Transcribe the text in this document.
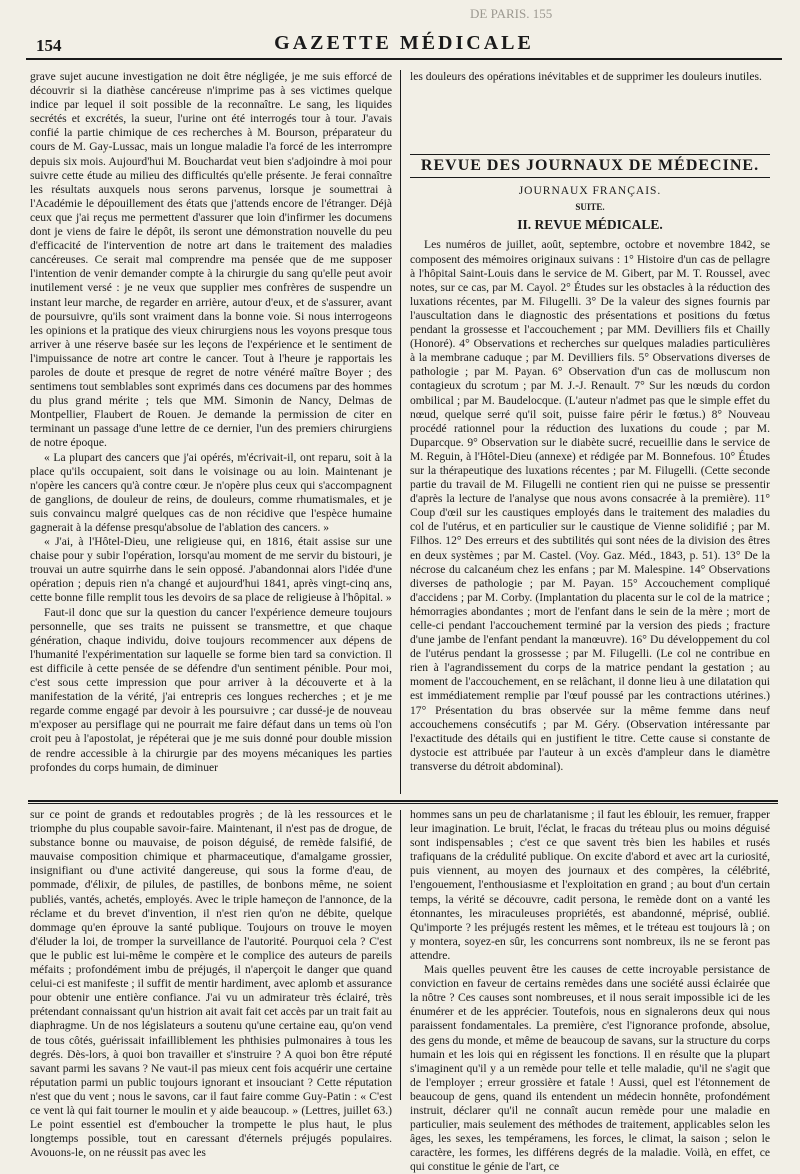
DE PARIS. 155
154	GAZETTE MÉDICALE

grave sujet aucune investigation ne doit être négligée, je me suis efforcé de découvrir si la diathèse cancéreuse n'imprime pas à ses victimes quelque indice par lequel il soit possible de la reconnaître. Le sang, les liquides secrétés et excrétés, la sueur, l'urine ont été interrogés tour à tour. J'avais confié la partie chimique de ces recherches à M. Bourson, préparateur du cours de M. Gay-Lussac, mais un longue maladie l'a forcé de les interrompre depuis six mois. Aujourd'hui M. Bouchardat veut bien s'adjoindre à moi pour suivre cette étude au milieu des difficultés qu'elle présente. Je ferai connaître les résultats auxquels nous serons parvenus, lorsque je soumettrai à l'Académie le dépouillement des états que j'attends encore de l'étranger. Déjà ceux que j'ai reçus me permettent d'assurer que loin d'infirmer les documens dont je viens de faire le dépôt, ils seront une démonstration nouvelle du peu d'efficacité de l'intervention de notre art dans le traitement des maladies cancéreuses. Ce serait mal comprendre ma pensée que de me supposer l'intention de venir demander compte à la chirurgie du sang qu'elle peut avoir inutilement versé : je ne veux que supplier mes confrères de suspendre un instant leur marche, de regarder en arrière, autour d'eux, et de s'assurer, avant de poursuivre, qu'ils sont vraiment dans la bonne voie. Si nous interrogeons les opinions et la pratique des vieux chirurgiens nous les voyons presque tous arriver à une réserve basée sur les leçons de l'expérience et le sentiment de l'impuissance de notre art contre le cancer. Tout à l'heure je rapportais les paroles de doute et presque de regret de notre vénéré maître Boyer ; des sentimens tout semblables sont exprimés dans ces documens par des hommes du plus grand mérite ; tels que MM. Simonin de Nancy, Delmas de Montpellier, Flaubert de Rouen. Je demande la permission de citer en terminant un passage d'une lettre de ce dernier, l'un des premiers chirurgiens de notre époque.

« La plupart des cancers que j'ai opérés, m'écrivait-il, ont reparu, soit à la place qu'ils occupaient, soit dans le voisinage ou au loin. Maintenant je n'opère les cancers qu'à contre cœur. Je n'opère plus ceux qui s'accompagnent de ganglions, de douleur de reins, de douleurs, comme rhumatismales, et je suis convaincu malgré quelques cas de non récidive que l'espèce humaine gagnerait à la défense presqu'absolue de l'ablation des cancers. »

« J'ai, à l'Hôtel-Dieu, une religieuse qui, en 1816, était assise sur une chaise pour y subir l'opération, lorsqu'au moment de me servir du bistouri, je trouvai un autre squirrhe dans le sein opposé. J'abandonnai alors l'idée d'une opération ; depuis rien n'a changé et aujourd'hui 1841, après vingt-cinq ans, cette bonne fille remplit tous les devoirs de sa place de religieuse à l'hôpital. »

Faut-il donc que sur la question du cancer l'expérience demeure toujours personnelle, que ses traits ne puissent se transmettre, et que chaque génération, chaque individu, doive toujours recommencer aux dépens de l'humanité l'expérimentation sur laquelle se forme bien tard sa conviction. Il est difficile à cette pensée de se défendre d'un sentiment pénible. Pour moi, c'est sous cette impression que pour arriver à la découverte et à la manifestation de la vérité, j'ai entrepris ces longues recherches ; et je me regarde comme engagé par devoir à les poursuivre ; car dussé-je de nouveau m'exposer au persiflage qui ne pourrait me faire défaut dans un tems où l'on croit peu à l'apostolat, je répéterai que je me suis donné pour double mission de rendre accessible à la chirurgie par des moyens mécaniques les parties profondes du corps humain, de diminuer

les douleurs des opérations inévitables et de supprimer les douleurs inutiles.

REVUE DES JOURNAUX DE MÉDECINE.
JOURNAUX FRANÇAIS.
SUITE.
II. REVUE MÉDICALE.

Les numéros de juillet, août, septembre, octobre et novembre 1842, se composent des mémoires originaux suivans : 1° Histoire d'un cas de pellagre à l'hôpital Saint-Louis dans le service de M. Gibert, par M. T. Roussel, avec notes, sur ce cas, par M. Cayol. 2° Études sur les obstacles à la réduction des luxations récentes, par M. Filugelli. 3° De la valeur des signes fournis par l'auscultation dans le diagnostic des présentations et positions du fœtus pendant la grossesse et l'accouchement ; par MM. Devilliers fils et Chailly (Honoré). 4° Observations et recherches sur quelques maladies particulières à la membrane caduque ; par M. Devilliers fils. 5° Observations diverses de pathologie ; par M. Payan. 6° Observation d'un cas de molluscum non contagieux du scrotum ; par M. J.-J. Renault. 7° Sur les nœuds du cordon ombilical ; par M. Baudelocque. (L'auteur n'admet pas que le simple effet du nœud, quelque serré qu'il soit, puisse faire périr le fœtus.) 8° Nouveau procédé rationnel pour la réduction des luxations du coude ; par M. Duparcque. 9° Observation sur le diabète sucré, recueillie dans le service de M. Reguin, à l'Hôtel-Dieu (annexe) et rédigée par M. Bonnefous. 10° Études sur la thérapeutique des luxations récentes ; par M. Filugelli. (Cette seconde partie du travail de M. Filugelli ne contient rien qui ne puisse se pressentir d'après la lecture de l'analyse que nous avons consacrée à la première). 11° Coup d'œil sur les caustiques employés dans le traitement des maladies du col de l'utérus, et en particulier sur le caustique de Vienne solidifié ; par M. Filhos. 12° Des erreurs et des subtilités qui sont nées de la division des êtres en deux systèmes ; par M. Castel. (Voy. Gaz. Méd., 1843, p. 51). 13° De la nécrose du calcanéum chez les enfans ; par M. Malespine. 14° Observations diverses de pathologie ; par M. Payan. 15° Accouchement compliqué d'accidens ; par M. Corby. (Implantation du placenta sur le col de la matrice ; hémorragies abondantes ; mort de l'enfant dans le sein de la mère ; mort de celle-ci pendant l'accouchement terminé par la version des pieds ; fracture d'une jambe de l'enfant pendant la manœuvre). 16° Du développement du col de l'utérus pendant la grossesse ; par M. Filugelli. (Le col ne contribue en rien à l'agrandissement du corps de la matrice pendant la gestation ; au moment de l'accouchement, en se relâchant, il donne lieu à une dilatation qui est immédiatement remplie par l'œuf poussé par les contractions utérines.) 17° Présentation du bras observée sur la même femme dans neuf accouchemens consécutifs ; par M. Géry. (Observation intéressante par l'exactitude des détails qui en justifient le titre. Cette cause si constante de dystocie est attribuée par l'auteur à un excès d'ampleur dans le diamètre transverse du détroit abdominal).

sur ce point de grands et redoutables progrès ; de là les ressources et le triomphe du plus coupable savoir-faire. Maintenant, il n'est pas de drogue, de substance bonne ou mauvaise, de poison déguisé, de remède falsifié, de mauvaise composition chimique et pharmaceutique, d'amalgame grossier, insignifiant ou d'une activité dangereuse, qui sous la forme d'eau, de pommade, d'élixir, de pilules, de pastilles, de bonbons même, ne soient publiés, vantés, achetés, employés. Avec le triple hameçon de l'annonce, de la réclame et du brevet d'invention, il n'est rien qu'on ne débite, quelque dommage qu'en éprouve la santé publique. Toujours on trouve le moyen d'éluder la loi, de tromper la surveillance de l'autorité. Pourquoi cela ? C'est que le public est lui-même le compère et le complice des auteurs de pareils méfaits ; profondément imbu de préjugés, il n'aperçoit le danger que quand celui-ci est manifeste ; il suffit de mentir hardiment, avec aplomb et assurance pour obtenir une entière confiance. J'ai vu un admirateur très éclairé, très prétendant connaissant qu'un histrion ait avait fait cet accès par un trait fait au diaphragme. Un de nos législateurs a soutenu qu'une certaine eau, qu'on vend de tous côtés, guérissait infailliblement les phthisies pulmonaires à tous les degrés. Dès-lors, à quoi bon travailler et s'instruire ? A quoi bon être réputé savant parmi les savans ? Ne vaut-il pas mieux cent fois acquérir une certaine réputation parmi un public toujours ignorant et insouciant ? Cette réputation n'est que du vent ; nous le savons, car il faut faire comme Guy-Patin : « C'est ce vent là qui fait tourner le moulin et y aide beaucoup. » (Lettres, juillet 63.) Le point essentiel est d'emboucher la trompette le plus haut, le plus longtemps possible, tout en caressant d'éternels préjugés populaires. Avouons-le, on ne réussit pas avec les

hommes sans un peu de charlatanisme ; il faut les éblouir, les remuer, frapper leur imagination. Le bruit, l'éclat, le fracas du tréteau plus ou moins déguisé sont indispensables ; c'est ce que savent très bien les habiles et rusés trafiquans de la crédulité publique. On excite d'abord et avec art la curiosité, puis viennent, au moyen des journaux et des compères, la célébrité, l'engouement, l'enthousiasme et l'exploitation en grand ; au bout d'un certain temps, la vérité se découvre, cadit persona, le remède dont on a vanté les étonnantes, les miraculeuses propriétés, est abandonné, méprisé, oublié. Qu'importe ? les préjugés restent les mêmes, et le tréteau est toujours là ; on y montera, soyez-en sûr, les concurrens sont nombreux, ils ne se feront pas attendre.

Mais quelles peuvent être les causes de cette incroyable persistance de conviction en faveur de certains remèdes dans une société aussi éclairée que la nôtre ? Ces causes sont nombreuses, et il nous serait impossible ici de les énumérer et de les apprécier. Toutefois, nous en signalerons deux qui nous paraissent fondamentales. La première, c'est l'ignorance profonde, absolue, des gens du monde, et même de beaucoup de savans, sur la structure du corps humain et les lois qui en régissent les fonctions. Il en résulte que la plupart s'imaginent qu'il y a un remède pour telle et telle maladie, qu'il ne s'agit que de l'employer ; erreur grossière et fatale ! Aussi, quel est l'étonnement de beaucoup de gens, quand ils entendent un médecin honnête, profondément instruit, déclarer qu'il ne connaît aucun remède pour une maladie en particulier, mais seulement des méthodes de traitement, applicables selon les âges, les sexes, les tempéramens, les forces, le climat, la saison ; selon le caractère, les formes, les différens degrés de la maladie. Voilà, en effet, ce qui constitue le génie de l'art, ce
